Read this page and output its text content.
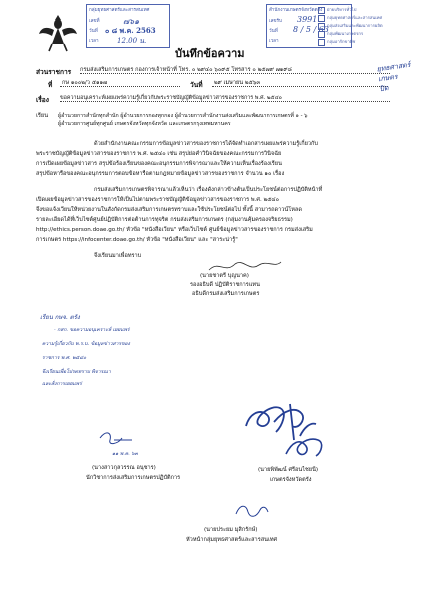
กลุ่มยุทธศาสตร์และสารสนเทศ
เลขที่
วันที่
เวลา
๗๖๑
๐ ๘ พ.ค. 2563
12.00 น.
สำนักงานเกษตรจังหวัดตรัง
เลขรับ
วันที่
เวลา
3991
8 / 5 / 63
ฝ่ายบริหารทั่วไป
กลุ่มยุทธศาสตร์และสารสนเทศ
กลุ่มส่งเสริมและพัฒนาการผลิต
กลุ่มพัฒนาเกษตรกร
กลุ่มอารักขาพืช
บันทึกข้อความ
ส่วนราชการ กรมส่งเสริมการเกษตร กองการเจ้าหน้าที่ โทร. ๐ ๒๙๔๐ ๖๐๙๕ โทรสาร ๐ ๒๕๗๙ ๗๑๙๘
ที่ กษ ๑๐๐๒/ว ๕๑๑๗	วันที่ ๒๙ เมษายน ๒๕๖๓
เรื่อง ขอความอนุเคราะห์เผยแพร่ความรู้เกี่ยวกับพระราชบัญญัติข้อมูลข่าวสารของราชการ พ.ศ. ๒๕๔๐
ยุทธศาสตร์
เกษตร
ปิด
เรียน ผู้อำนวยการสำนักทุกสำนัก ผู้อำนวยการกองทุกกอง ผู้อำนวยการสำนักงานส่งเสริมและพัฒนาการเกษตรที่ ๑ - ๖
ผู้อำนวยการศูนย์ทุกศูนย์ เกษตรจังหวัดทุกจังหวัด และเกษตรกรุงเทพมหานคร
ด้วยสำนักงานคณะกรรมการข้อมูลข่าวสารของราชการได้จัดทำเอกสารเผยแพร่ความรู้เกี่ยวกับ
พระราชบัญญัติข้อมูลข่าวสารของราชการ พ.ศ. ๒๕๔๐ เช่น สรุปย่อคำวินิจฉัยของคณะกรรมการวินิจฉัย
การเปิดเผยข้อมูลข่าวสาร สรุปข้อร้องเรียนของคณะอนุกรรมการพิจารณาและให้ความเห็นเรื่องร้องเรียน
สรุปข้อหารือของคณะอนุกรรมการตอบข้อหารือตามกฎหมายข้อมูลข่าวสารของราชการ จำนวน ๑๐ เรื่อง
กรมส่งเสริมการเกษตรพิจารณาแล้วเห็นว่า เรื่องดังกล่าวข้างต้นเป็นประโยชน์ต่อการปฏิบัติหน้าที่
เปิดเผยข้อมูลข่าวสารของราชการให้เป็นไปตามพระราชบัญญัติข้อมูลข่าวสารของราชการ พ.ศ. ๒๕๔๐
จึงขอแจ้งเวียนให้หน่วยงานในสังกัดกรมส่งเสริมการเกษตรทราบและใช้ประโยชน์ต่อไป ทั้งนี้ สามารถดาวน์โหลด
รายละเอียดได้ที่เว็บไซต์ศูนย์ปฏิบัติการต่อต้านการทุจริต กรมส่งเสริมการเกษตร (กลุ่มงานคุ้มครองจริยธรรม)
http://ethics.person.doae.go.th/ หัวข้อ "หนังสือเวียน" หรือเว็บไซต์ ศูนย์ข้อมูลข่าวสารของราชการ กรมส่งเสริม
การเกษตร https://infocenter.doae.go.th/ หัวข้อ "หนังสือเวียน" และ "สาระน่ารู้"
จึงเรียนมาเพื่อทราบ
(นายชาตรี บุญนาค)
รองอธิบดี ปฏิบัติราชการแทน
อธิบดีกรมส่งเสริมการเกษตร
เรียน กษจ. ตรัง
- กสก. ขอความอนุเคราะห์ เผยแพร่
ความรู้เกี่ยวกับ พ.ร.บ. ข้อมูลข่าวสารของ
ราชการ พ.ศ. ๒๕๔๐
จึงเรียนเพื่อโปรดทราบ พิจารณา
และสั่งการเผยแพร่
๑๑ พ.ค. ๖๓
(นางสาวกุลวรรณ อนุชาร)
นักวิชาการส่งเสริมการเกษตรปฏิบัติการ
(นายพิพัฒน์ ศรีอนไชยนี)
เกษตรจังหวัดตรัง
(นายประยม มุสิกรักษ์)
หัวหน้ากลุ่มยุทธศาสตร์และสารสนเทศ
